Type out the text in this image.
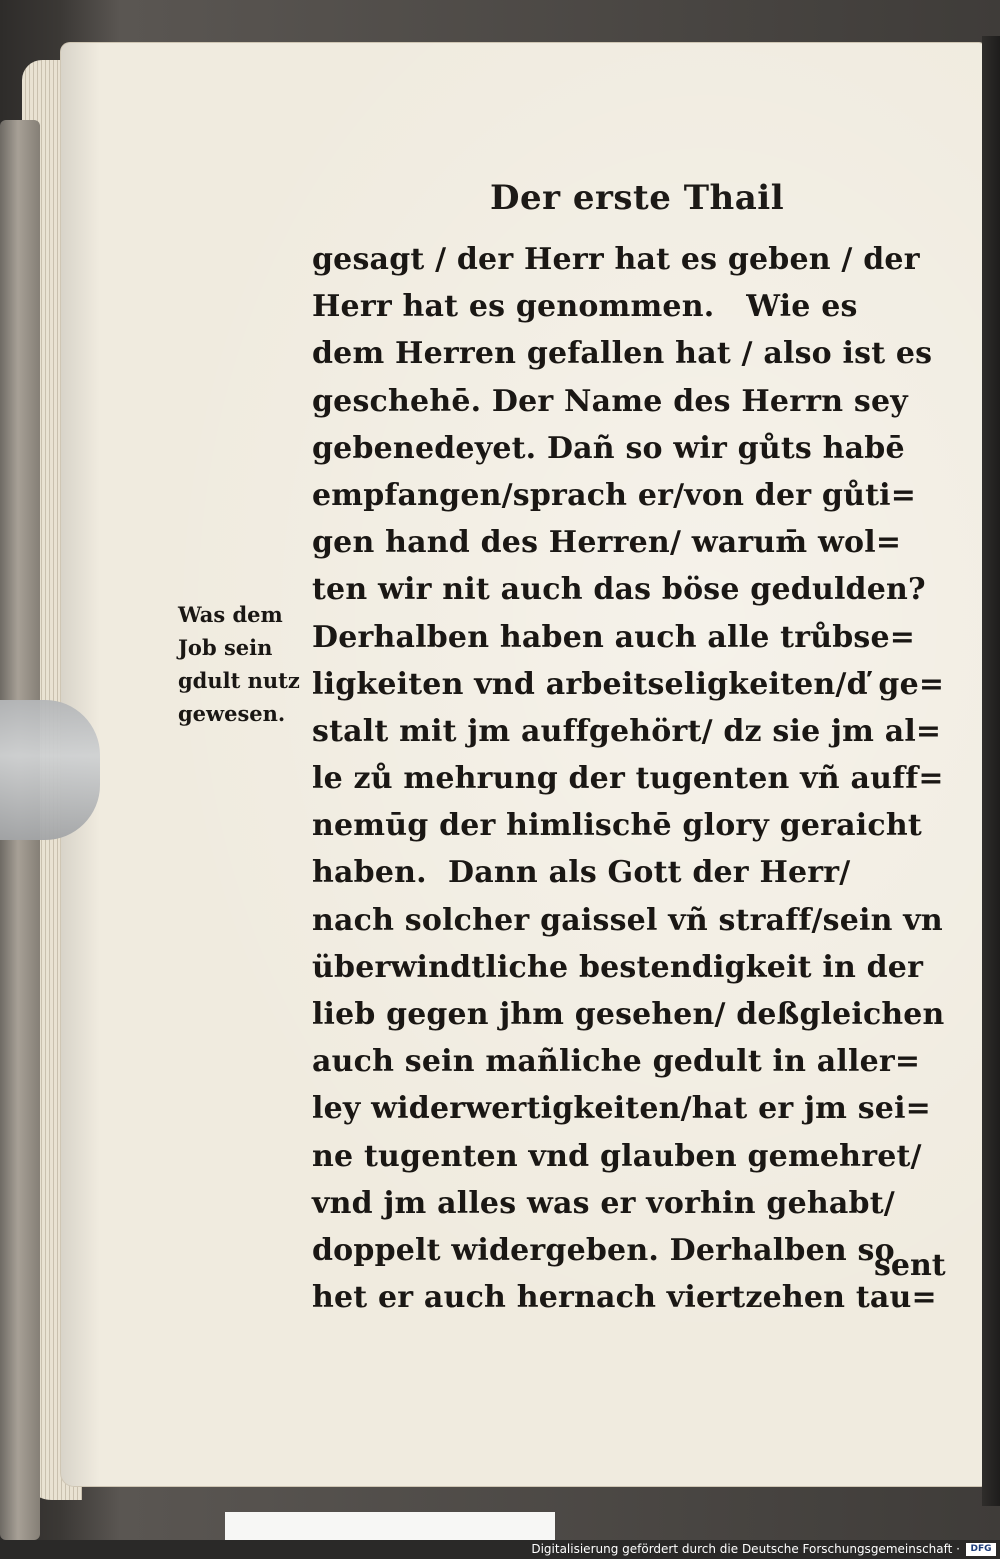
Der erste Thail
gesagt / der Herr hat es geben / der
Herr hat es genommen.   Wie es
dem Herren gefallen hat / also ist es
geschehē. Der Name des Herrn sey
gebenedeyet. Dañ so wir gůts habē
empfangen/sprach er/von der gůti=
gen hand des Herren/ warum̄ wol=
ten wir nit auch das böse gedulden?
Derhalben haben auch alle trůbse=
ligkeiten vnd arbeitseligkeiten/ď ge=
stalt mit jm auffgehört/ dz sie jm al=
le zů mehrung der tugenten vñ auff=
nemūg der himlischē glory geraicht
haben.  Dann als Gott der Herr/
nach solcher gaissel vñ straff/sein vn
überwindtliche bestendigkeit in der
lieb gegen jhm gesehen/ deßgleichen
auch sein mañliche gedult in aller=
ley widerwertigkeiten/hat er jm sei=
ne tugenten vnd glauben gemehret/
vnd jm alles was er vorhin gehabt/
doppelt widergeben. Derhalben so
het er auch hernach viertzehen tau=
Was dem
Job sein
gdult nutz
gewesen.
sent
Digitalisierung gefördert durch die Deutsche Forschungsgemeinschaft ·	DFG
